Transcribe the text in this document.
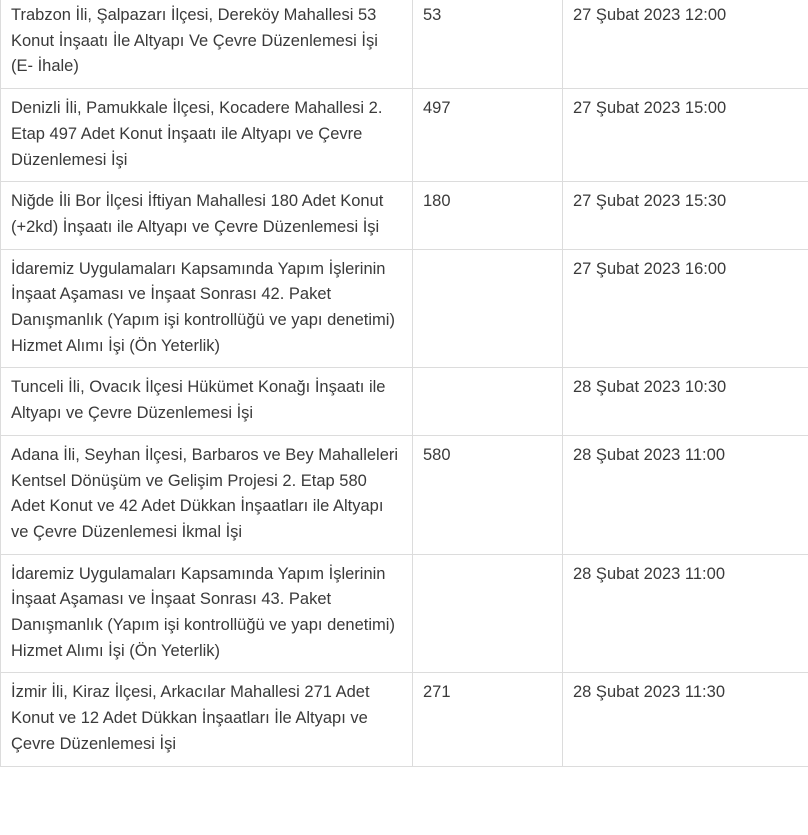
Trabzon İli, Şalpazarı İlçesi, Dereköy Mahallesi 53 Konut İnşaatı İle Altyapı Ve Çevre Düzenlemesi İşi (E- İhale)	53	27 Şubat 2023 12:00
Denizli İli, Pamukkale İlçesi, Kocadere Mahallesi 2. Etap 497 Adet Konut İnşaatı ile Altyapı ve Çevre Düzenlemesi İşi	497	27 Şubat 2023 15:00
Niğde İli Bor İlçesi İftiyan Mahallesi 180 Adet Konut (+2kd) İnşaatı ile Altyapı ve Çevre Düzenlemesi İşi	180	27 Şubat 2023 15:30
İdaremiz Uygulamaları Kapsamında Yapım İşlerinin İnşaat Aşaması ve İnşaat Sonrası 42. Paket Danışmanlık (Yapım işi kontrollüğü ve yapı denetimi) Hizmet Alımı İşi (Ön Yeterlik)		27 Şubat 2023 16:00
Tunceli İli, Ovacık İlçesi Hükümet Konağı İnşaatı ile Altyapı ve Çevre Düzenlemesi İşi		28 Şubat 2023 10:30
Adana İli, Seyhan İlçesi, Barbaros ve Bey Mahalleleri Kentsel Dönüşüm ve Gelişim Projesi 2. Etap 580 Adet Konut ve 42 Adet Dükkan İnşaatları ile Altyapı ve Çevre Düzenlemesi İkmal İşi	580	28 Şubat 2023 11:00
İdaremiz Uygulamaları Kapsamında Yapım İşlerinin İnşaat Aşaması ve İnşaat Sonrası 43. Paket Danışmanlık (Yapım işi kontrollüğü ve yapı denetimi) Hizmet Alımı İşi (Ön Yeterlik)		28 Şubat 2023 11:00
İzmir İli, Kiraz İlçesi, Arkacılar Mahallesi 271 Adet Konut ve 12 Adet Dükkan İnşaatları İle Altyapı ve Çevre Düzenlemesi İşi	271	28 Şubat 2023 11:30
